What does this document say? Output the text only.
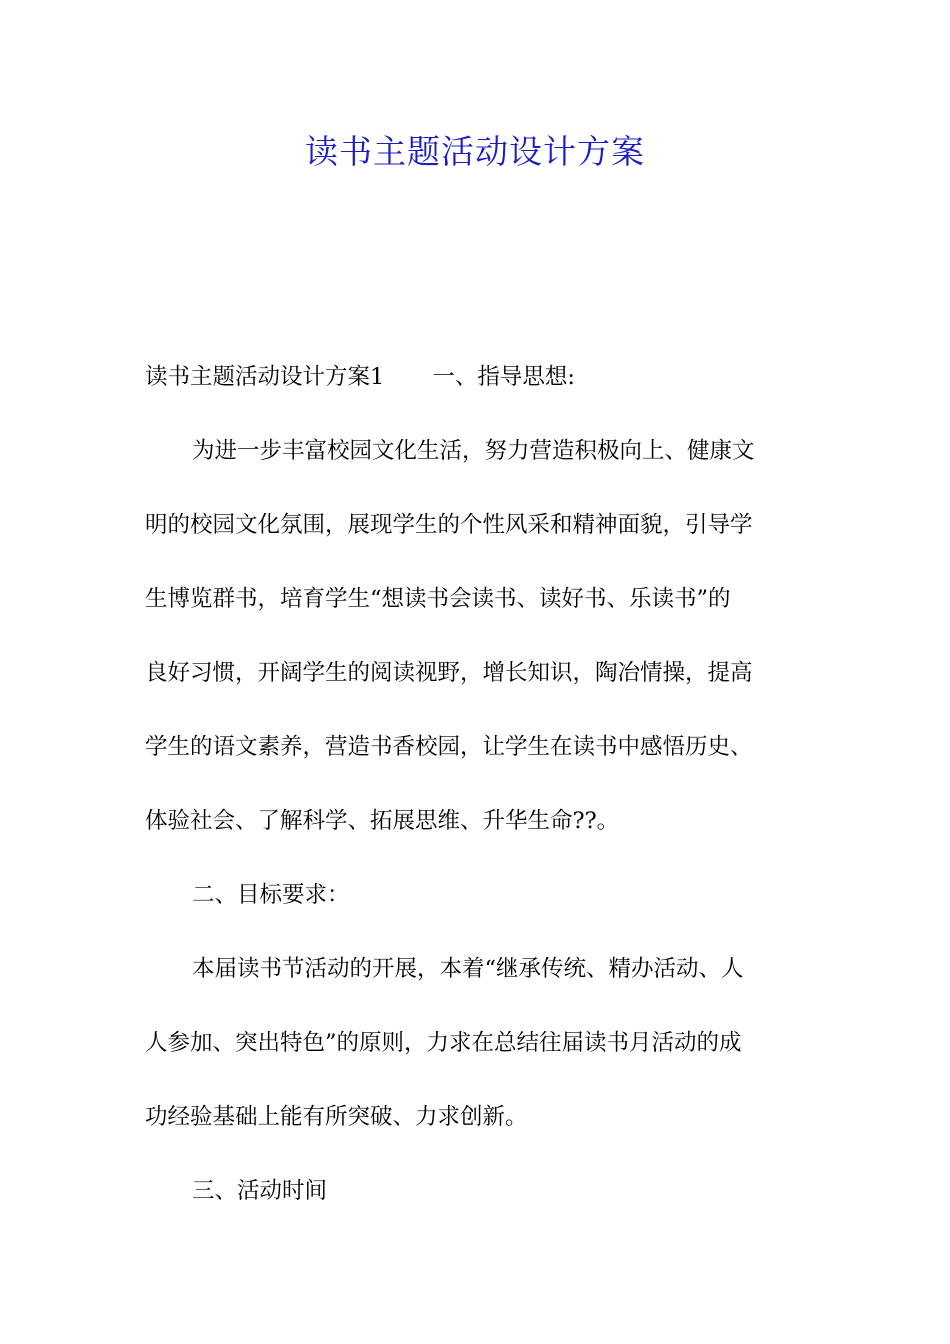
读书主题活动设计方案
读书主题活动设计方案1 一、指导思想:
为进一步丰富校园文化生活，努力营造积极向上、健康文
明的校园文化氛围，展现学生的个性风采和精神面貌，引导学
生博览群书，培育学生“想读书会读书、读好书、乐读书”的
良好习惯，开阔学生的阅读视野，增长知识，陶冶情操，提高
学生的语文素养，营造书香校园，让学生在读书中感悟历史、
体验社会、了解科学、拓展思维、升华生命??。
二、目标要求：
本届读书节活动的开展，本着“继承传统、精办活动、人
人参加、突出特色”的原则，力求在总结往届读书月活动的成
功经验基础上能有所突破、力求创新。
三、活动时间
